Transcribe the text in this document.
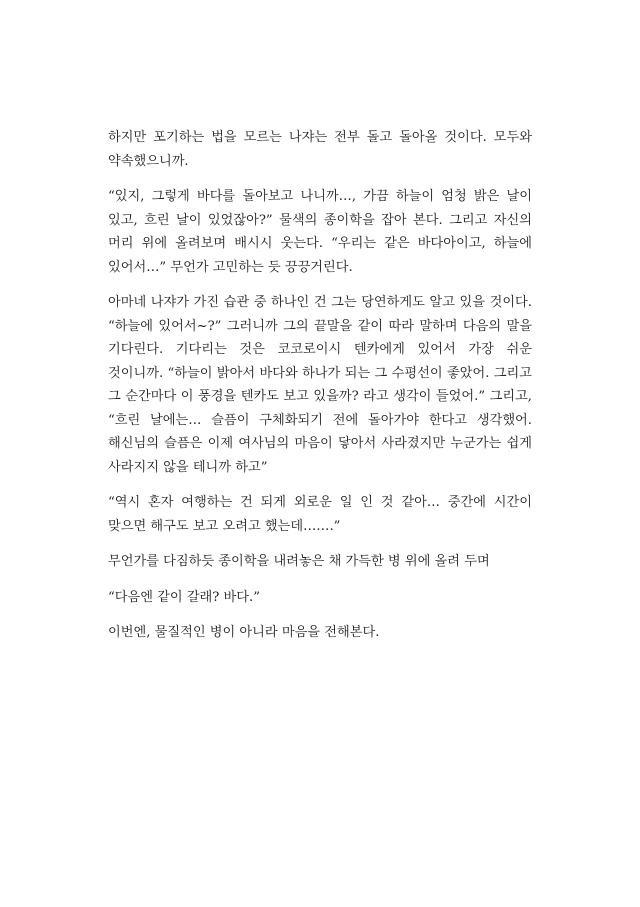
하지만 포기하는 법을 모르는 나쟈는 전부 돌고 돌아올 것이다. 모두와 약속했으니까.

“있지, 그렇게 바다를 돌아보고 나니까…, 가끔 하늘이 엄청 밝은 날이 있고, 흐린 날이 있었잖아?” 물색의 종이학을 잡아 본다. 그리고 자신의 머리 위에 올려보며 배시시 웃는다. “우리는 같은 바다아이고, 하늘에 있어서…” 무언가 고민하는 듯 끙끙거린다.

아마네 나쟈가 가진 습관 중 하나인 건 그는 당연하게도 알고 있을 것이다. “하늘에 있어서~?” 그러니까 그의 끝말을 같이 따라 말하며 다음의 말을 기다린다. 기다리는 것은 코코로이시 텐카에게 있어서 가장 쉬운 것이니까. “하늘이 밝아서 바다와 하나가 되는 그 수평선이 좋았어. 그리고 그 순간마다 이 풍경을 텐카도 보고 있을까? 라고 생각이 들었어.” 그리고, “흐린 날에는… 슬픔이 구체화되기 전에 돌아가야 한다고 생각했어. 해신님의 슬픔은 이제 여사님의 마음이 닿아서 사라졌지만 누군가는 쉽게 사라지지 않을 테니까 하고”

“역시 혼자 여행하는 건 되게 외로운 일 인 것 같아… 중간에 시간이 맞으면 해구도 보고 오려고 했는데…….”

무언가를 다짐하듯 종이학을 내려놓은 채 가득한 병 위에 올려 두며

“다음엔 같이 갈래? 바다.”

이번엔, 물질적인 병이 아니라 마음을 전해본다.
